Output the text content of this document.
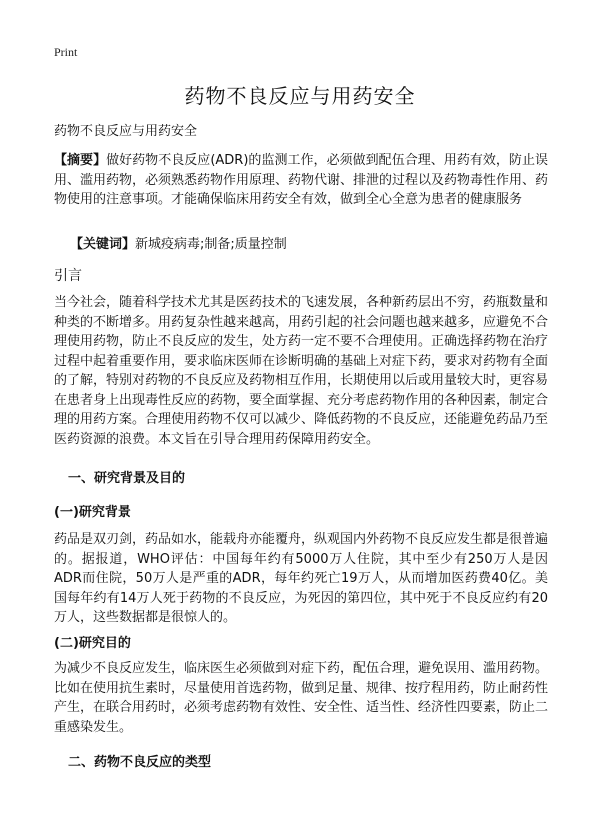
Print
药物不良反应与用药安全
药物不良反应与用药安全
【摘要】做好药物不良反应(ADR)的监测工作，必须做到配伍合理、用药有效，防止误用、滥用药物，必须熟悉药物作用原理、药物代谢、排泄的过程以及药物毒性作用、药物使用的注意事项。才能确保临床用药安全有效，做到全心全意为患者的健康服务
【关键词】新城疫病毒;制备;质量控制
引言
当今社会，随着科学技术尤其是医药技术的飞速发展，各种新药层出不穷，药瓶数量和种类的不断增多。用药复杂性越来越高，用药引起的社会问题也越来越多，应避免不合理使用药物，防止不良反应的发生，处方药一定不要不合理使用。正确选择药物在治疗过程中起着重要作用，要求临床医师在诊断明确的基础上对症下药，要求对药物有全面的了解，特别对药物的不良反应及药物相互作用，长期使用以后或用量较大时，更容易在患者身上出现毒性反应的药物，要全面掌握、充分考虑药物作用的各种因素，制定合理的用药方案。合理使用药物不仅可以减少、降低药物的不良反应，还能避免药品乃至医药资源的浪费。本文旨在引导合理用药保障用药安全。
一、研究背景及目的
(一)研究背景
药品是双刃剑，药品如水，能载舟亦能覆舟，纵观国内外药物不良反应发生都是很普遍的。据报道，WHO评估：中国每年约有5000万人住院，其中至少有250万人是因ADR而住院，50万人是严重的ADR，每年约死亡19万人，从而增加医药费40亿。美国每年约有14万人死于药物的不良反应，为死因的第四位，其中死于不良反应约有20万人，这些数据都是很惊人的。
(二)研究目的
为减少不良反应发生，临床医生必须做到对症下药，配伍合理，避免误用、滥用药物。比如在使用抗生素时，尽量使用首选药物，做到足量、规律、按疗程用药，防止耐药性产生，在联合用药时，必须考虑药物有效性、安全性、适当性、经济性四要素，防止二重感染发生。
二、药物不良反应的类型
